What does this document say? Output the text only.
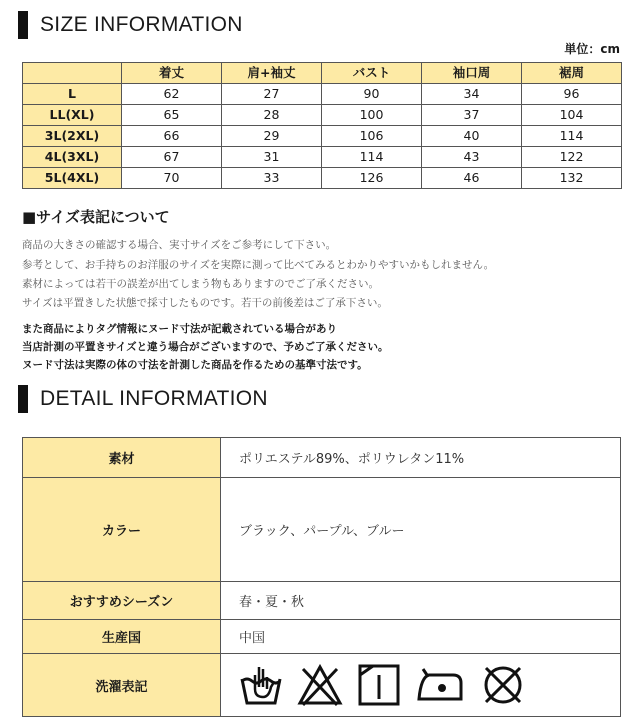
SIZE INFORMATION
単位：cm
	着丈	肩+袖丈	バスト	袖口周	裾周
L	62	27	90	34	96
LL(XL)	65	28	100	37	104
3L(2XL)	66	29	106	40	114
4L(3XL)	67	31	114	43	122
5L(4XL)	70	33	126	46	132
■サイズ表記について
商品の大きさの確認する場合、実寸サイズをご参考にして下さい。
参考として、お手持ちのお洋服のサイズを実際に測って比べてみるとわかりやすいかもしれません。
素材によっては若干の誤差が出てしまう物もありますのでご了承ください。
サイズは平置きした状態で採寸したものです。若干の前後差はご了承下さい。
また商品によりタグ情報にヌード寸法が記載されている場合があり
当店計測の平置きサイズと違う場合がございますので、予めご了承ください。
ヌード寸法は実際の体の寸法を計測した商品を作るための基準寸法です。
DETAIL INFORMATION
素材	ポリエステル89%、ポリウレタン11%
カラー	ブラック、パープル、ブルー
おすすめシーズン	春・夏・秋
生産国	中国
洗濯表記	
